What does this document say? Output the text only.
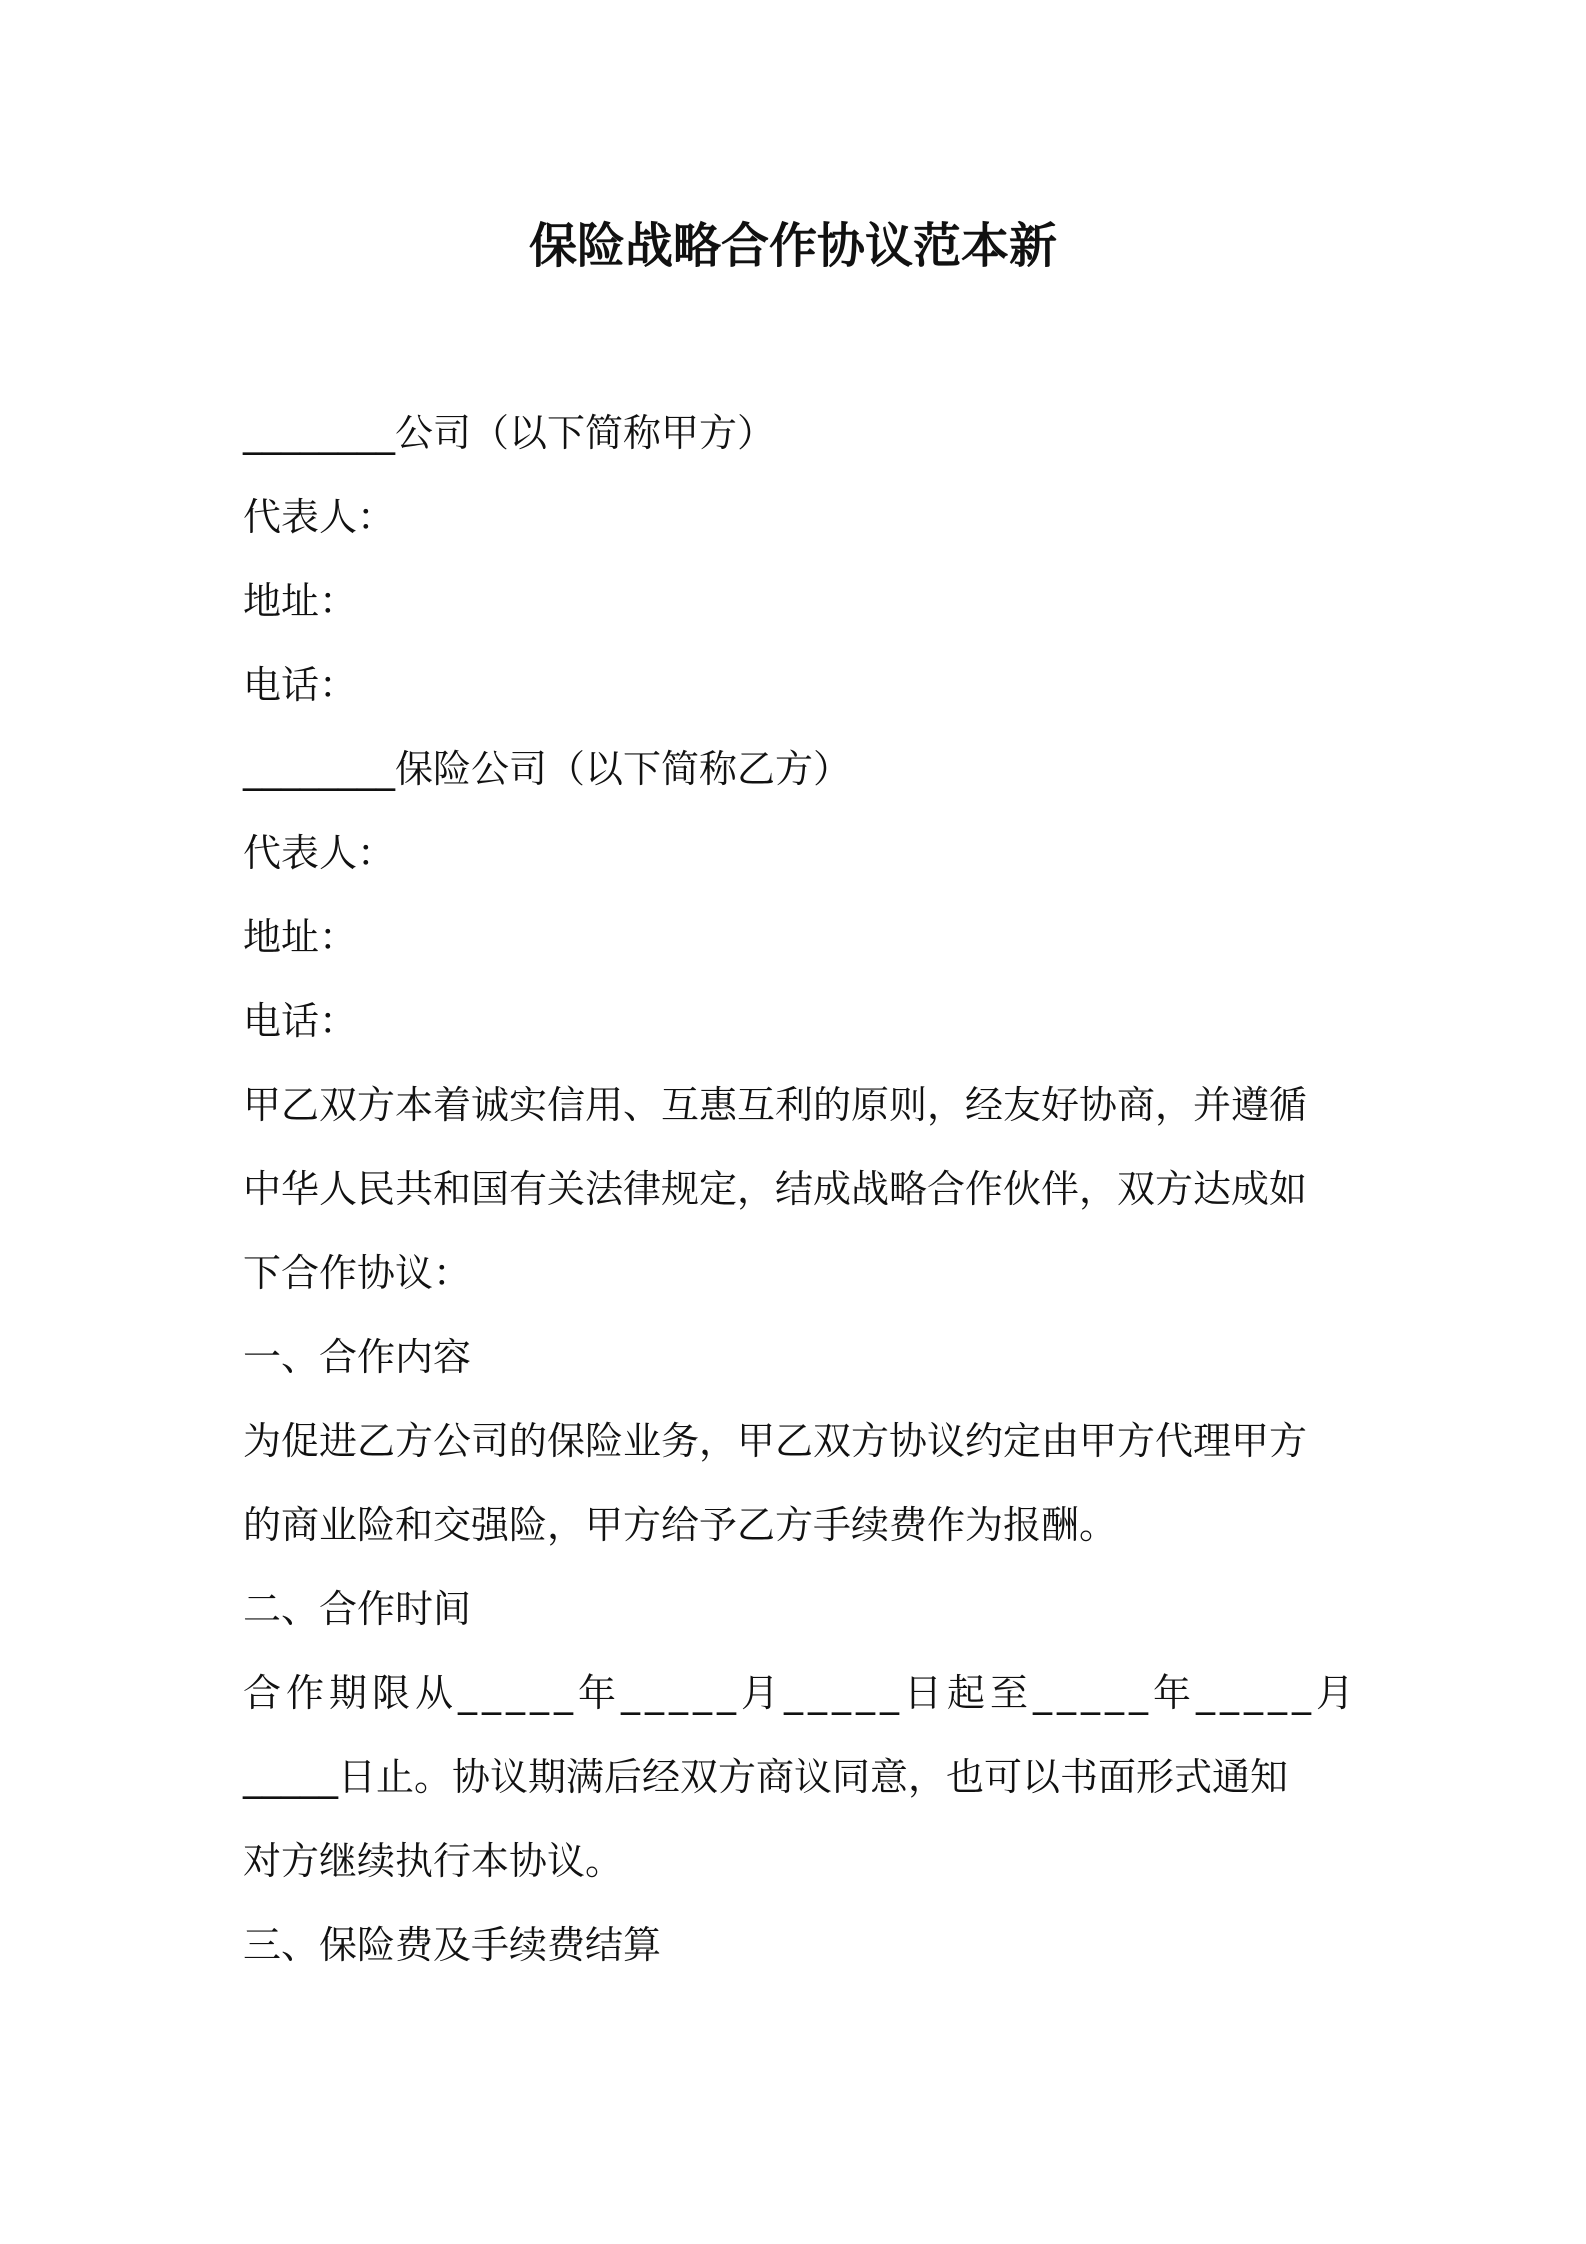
保险战略合作协议范本新
________公司（以下简称甲方）
代表人：
地址：
电话：
________保险公司（以下简称乙方）
代表人：
地址：
电话：
甲乙双方本着诚实信用、互惠互利的原则，经友好协商，并遵循
中华人民共和国有关法律规定，结成战略合作伙伴，双方达成如
下合作协议：
一、合作内容
为促进乙方公司的保险业务，甲乙双方协议约定由甲方代理甲方
的商业险和交强险，甲方给予乙方手续费作为报酬。
二、合作时间
合作期限从_____年_____月_____日起至_____年_____月
_____日止。协议期满后经双方商议同意，也可以书面形式通知
对方继续执行本协议。
三、保险费及手续费结算
